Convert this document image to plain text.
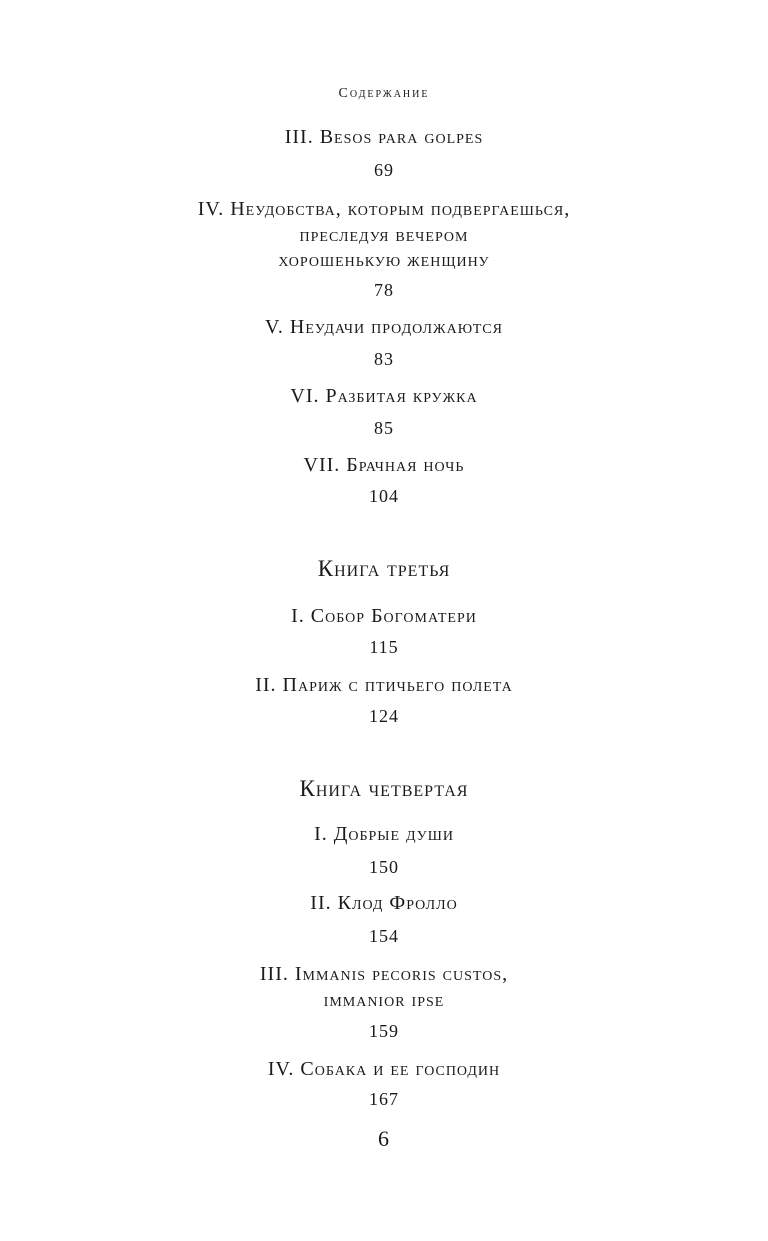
Содержание
III. Besos para golpes
69
IV. Неудобства, которым подвергаешься,
преследуя вечером
хорошенькую женщину
78
V. Неудачи продолжаются
83
VI. Разбитая кружка
85
VII. Брачная ночь
104
Книга третья
I. Собор Богоматери
115
II. Париж с птичьего полета
124
Книга четвертая
I. Добрые души
150
II. Клод Фролло
154
III. Immanis pecoris custos,
immanior ipse
159
IV. Собака и ее господин
167
6
